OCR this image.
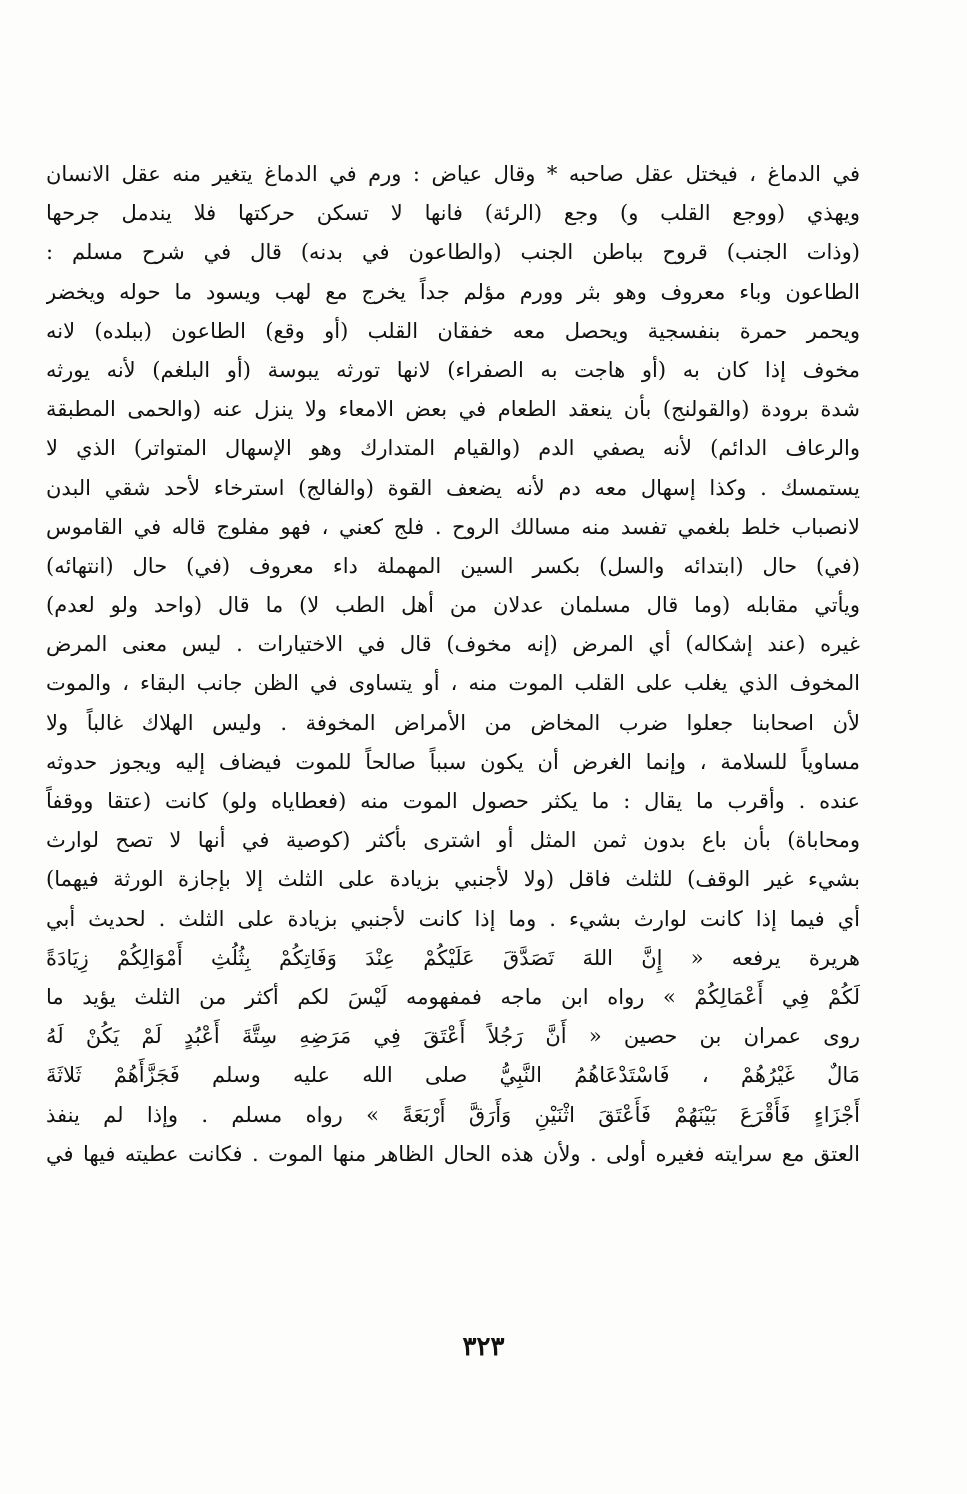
في الدماغ ، فيختل عقل صاحبه * وقال عياض : ورم في الدماغ يتغير منه عقل الانسان
ويهذي (ووجع القلب و) وجع (الرئة) فانها لا تسكن حركتها فلا يندمل جرحها
(وذات الجنب) قروح بباطن الجنب (والطاعون في بدنه) قال في شرح مسلم :
الطاعون وباء معروف وهو بثر وورم مؤلم جداً يخرج مع لهب ويسود ما حوله ويخضر
ويحمر حمرة بنفسجية ويحصل معه خفقان القلب (أو وقع) الطاعون (ببلده) لانه
مخوف إذا كان به (أو هاجت به الصفراء) لانها تورثه يبوسة (أو البلغم) لأنه يورثه
شدة برودة (والقولنج) بأن ينعقد الطعام في بعض الامعاء ولا ينزل عنه (والحمى المطبقة
والرعاف الدائم) لأنه يصفي الدم (والقيام المتدارك وهو الإسهال المتواتر) الذي لا
يستمسك . وكذا إسهال معه دم لأنه يضعف القوة (والفالج) استرخاء لأحد شقي البدن
لانصباب خلط بلغمي تفسد منه مسالك الروح . فلج كعني ، فهو مفلوج قاله في القاموس
(في) حال (ابتدائه والسل) بكسر السين المهملة داء معروف (في) حال (انتهائه)
ويأتي مقابله (وما قال مسلمان عدلان من أهل الطب لا) ما قال (واحد ولو لعدم)
غيره (عند إشكاله) أي المرض (إنه مخوف) قال في الاختيارات . ليس معنى المرض
المخوف الذي يغلب على القلب الموت منه ، أو يتساوى في الظن جانب البقاء ، والموت
لأن اصحابنا جعلوا ضرب المخاض من الأمراض المخوفة . وليس الهلاك غالباً ولا
مساوياً للسلامة ، وإنما الغرض أن يكون سبباً صالحاً للموت فيضاف إليه ويجوز حدوثه
عنده . وأقرب ما يقال : ما يكثر حصول الموت منه (فعطاياه ولو) كانت (عتقا ووقفاً
ومحاباة) بأن باع بدون ثمن المثل أو اشترى بأكثر (كوصية في أنها لا تصح لوارث
بشيء غير الوقف) للثلث فاقل (ولا لأجنبي بزيادة على الثلث إلا بإجازة الورثة فيهما)
أي فيما إذا كانت لوارث بشيء . وما إذا كانت لأجنبي بزيادة على الثلث . لحديث أبي
هريرة يرفعه « إِنَّ اللهَ تَصَدَّقَ عَلَيْكُمْ عِنْدَ وَفَاتِكُمْ بِثُلُثِ أَمْوَالِكُمْ زِيَادَةً
لَكُمْ فِي أَعْمَالِكُمْ » رواه ابن ماجه فمفهومه لَيْسَ لكم أكثر من الثلث يؤيد ما
روى عمران بن حصين « أَنَّ رَجُلاً أَعْتَقَ فِي مَرَضِهِ سِتَّةَ أَعْبُدٍ لَمْ يَكُنْ لَهُ
مَالٌ غَيْرُهُمْ ، فَاسْتَدْعَاهُمُ النَّبِيُّ صلى الله عليه وسلم فَجَزَّأَهُمْ ثَلاثَةَ
أَجْزَاءٍ فَأَقْرَعَ بَيْنَهُمْ فَأَعْتَقَ اثْنَيْنِ وَأَرَقَّ أَرْبَعَةً » رواه مسلم . وإذا لم ينفذ
العتق مع سرايته فغيره أولى . ولأن هذه الحال الظاهر منها الموت . فكانت عطيته فيها في
٣٢٣
